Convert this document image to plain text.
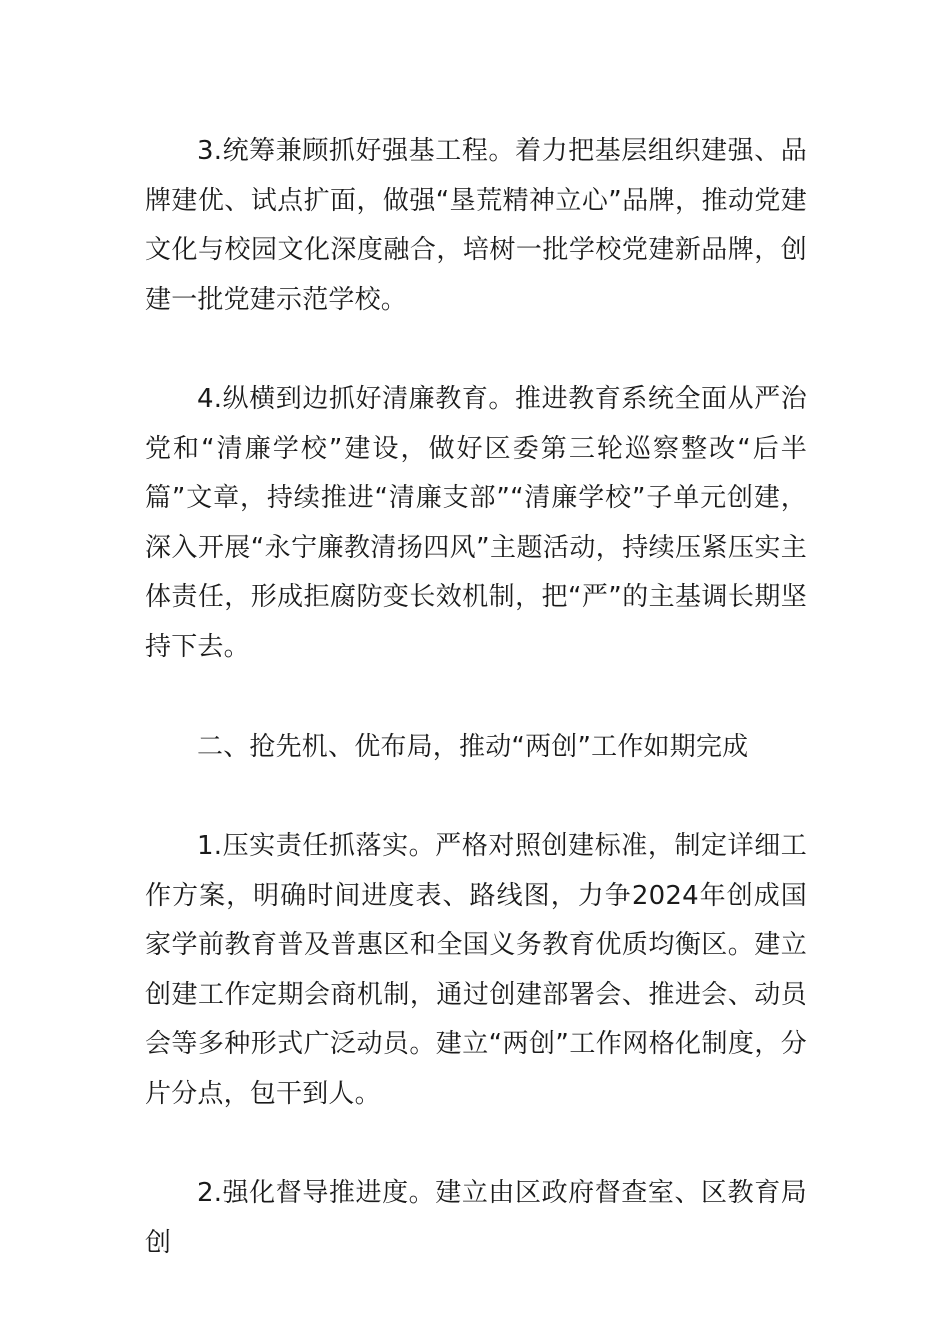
3.统筹兼顾抓好强基工程。着力把基层组织建强、品牌建优、试点扩面，做强“垦荒精神立心”品牌，推动党建文化与校园文化深度融合，培树一批学校党建新品牌，创建一批党建示范学校。

4.纵横到边抓好清廉教育。推进教育系统全面从严治党和“清廉学校”建设，做好区委第三轮巡察整改“后半篇”文章，持续推进“清廉支部”“清廉学校”子单元创建，深入开展“永宁廉教清扬四风”主题活动，持续压紧压实主体责任，形成拒腐防变长效机制，把“严”的主基调长期坚持下去。

二、抢先机、优布局，推动“两创”工作如期完成

1.压实责任抓落实。严格对照创建标准，制定详细工作方案，明确时间进度表、路线图，力争2024年创成国家学前教育普及普惠区和全国义务教育优质均衡区。建立创建工作定期会商机制，通过创建部署会、推进会、动员会等多种形式广泛动员。建立“两创”工作网格化制度，分片分点，包干到人。

2.强化督导推进度。建立由区政府督查室、区教育局创
